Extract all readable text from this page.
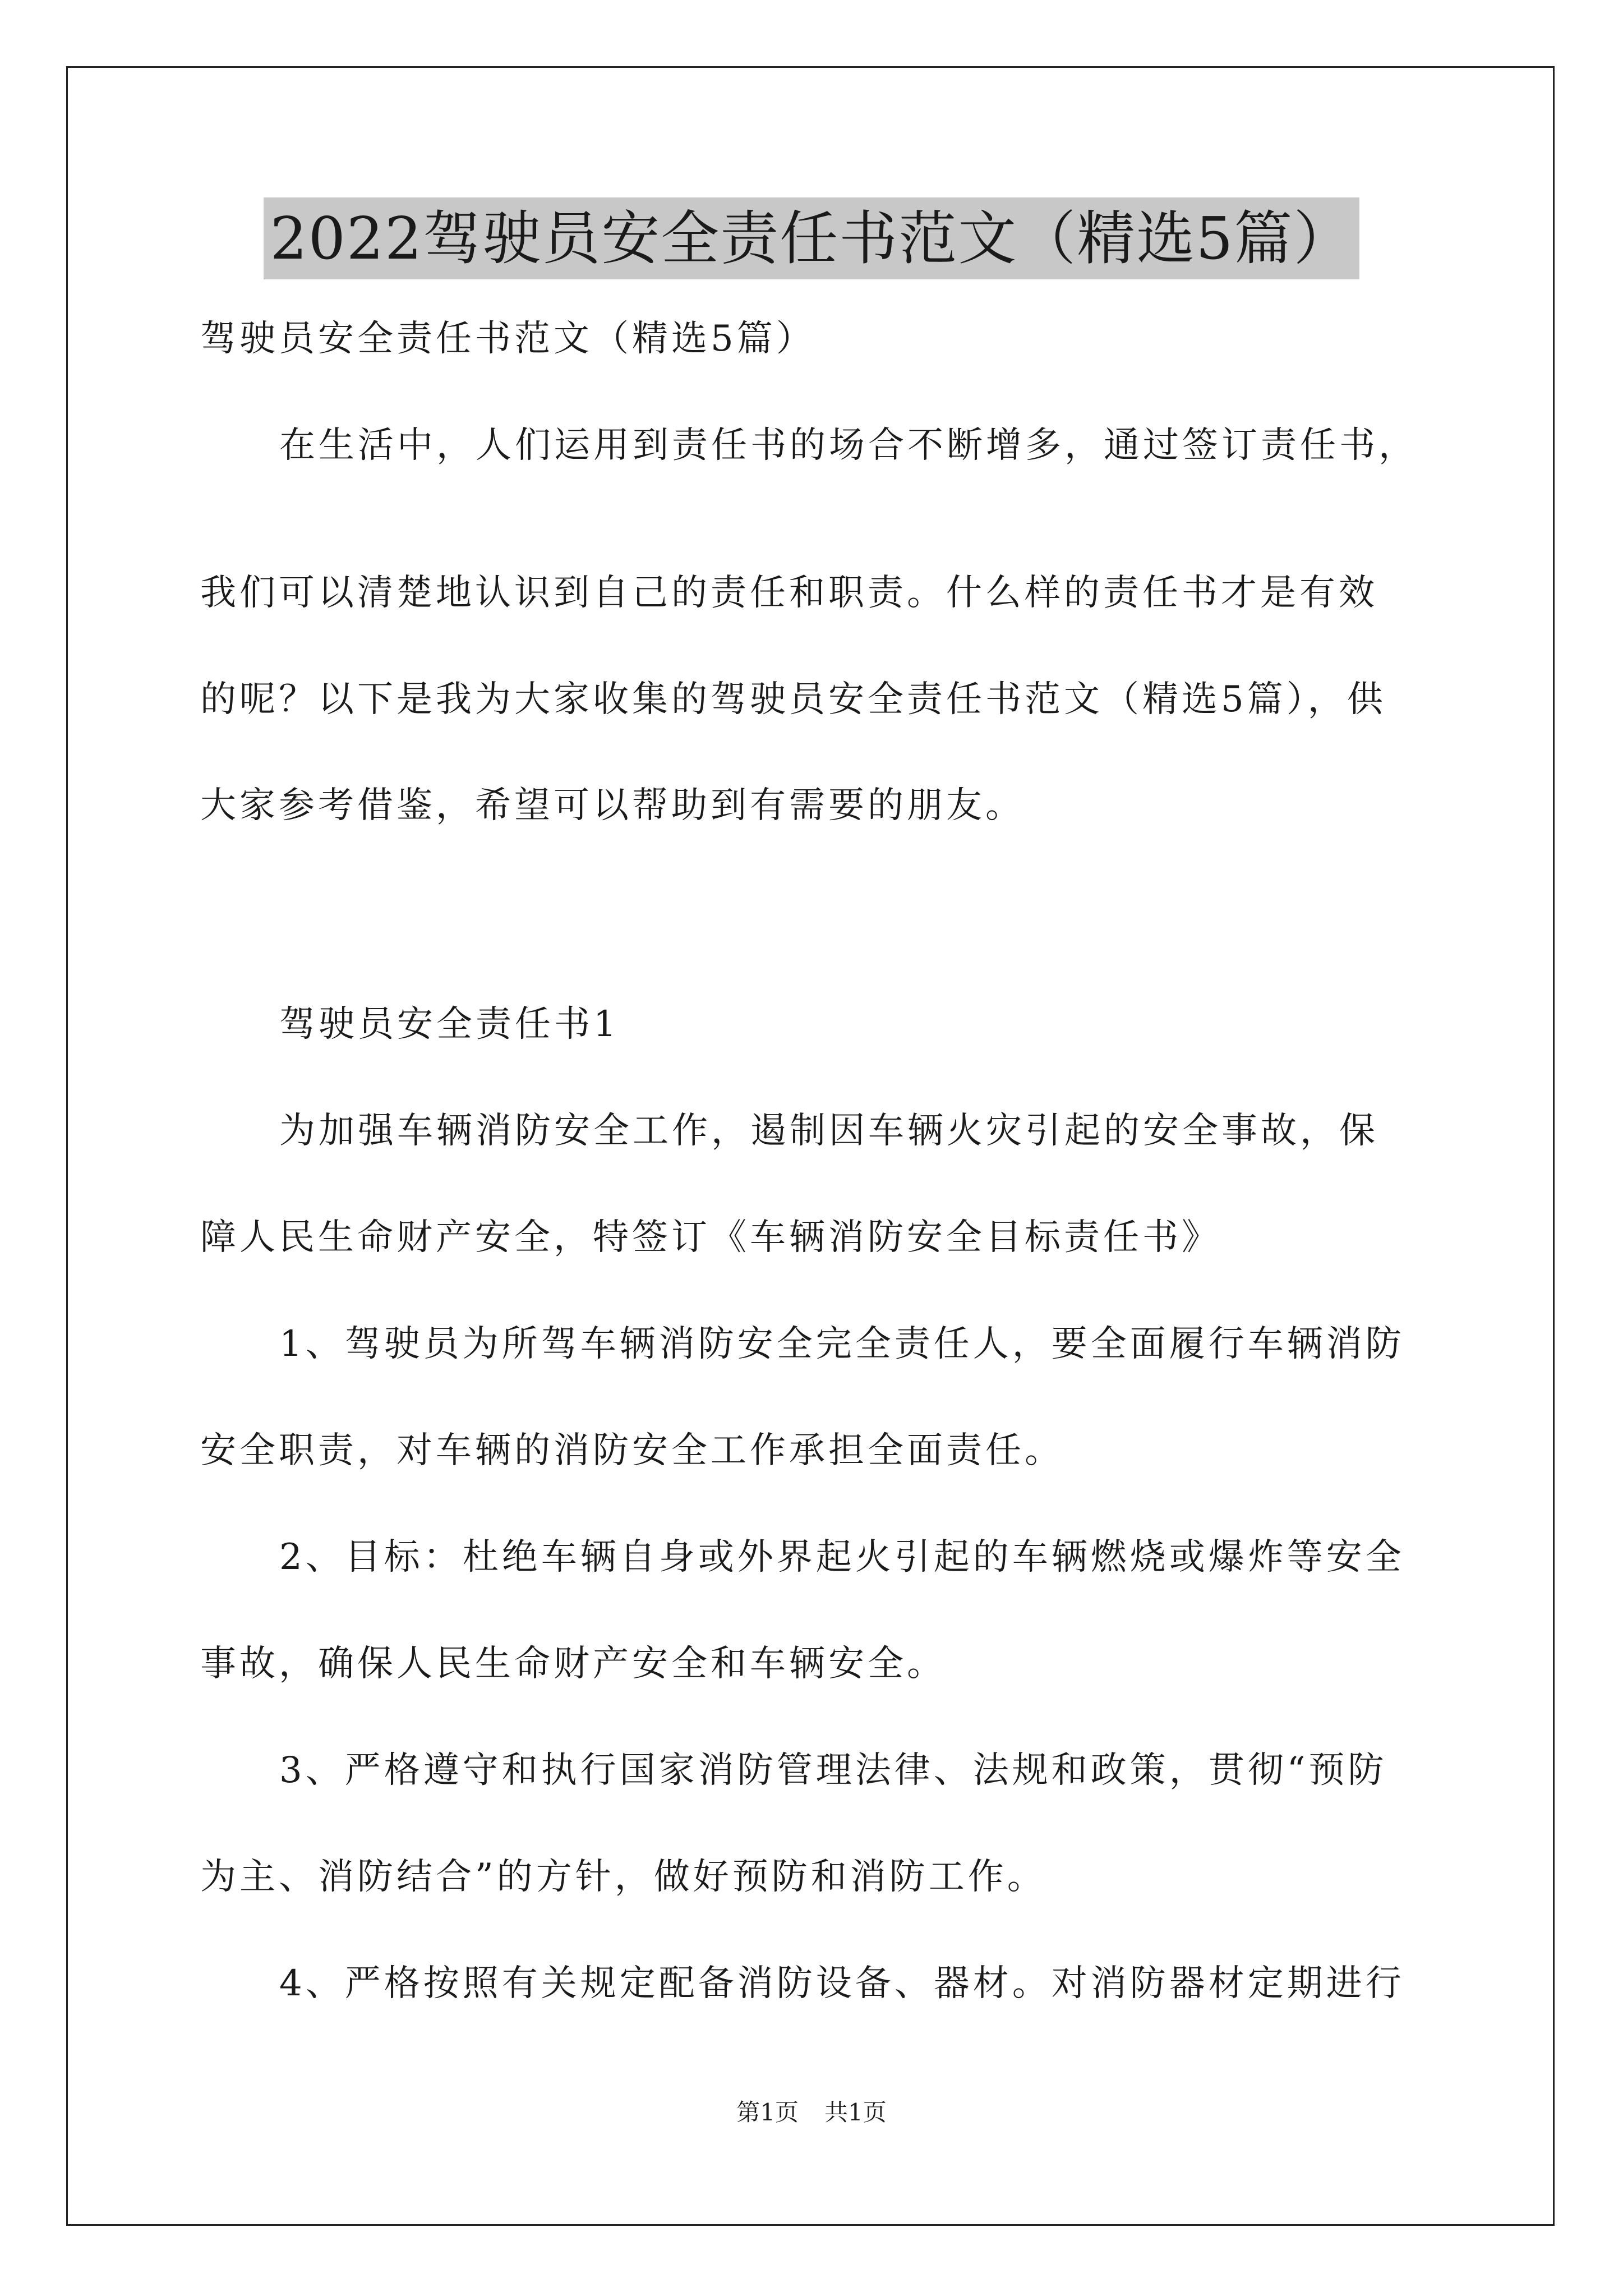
2022驾驶员安全责任书范文（精选5篇）
驾驶员安全责任书范文（精选5篇）
在生活中，人们运用到责任书的场合不断增多，通过签订责任书，
我们可以清楚地认识到自己的责任和职责。什么样的责任书才是有效
的呢？以下是我为大家收集的驾驶员安全责任书范文（精选5篇），供
大家参考借鉴，希望可以帮助到有需要的朋友。
驾驶员安全责任书1
为加强车辆消防安全工作，遏制因车辆火灾引起的安全事故，保
障人民生命财产安全，特签订《车辆消防安全目标责任书》
1、驾驶员为所驾车辆消防安全完全责任人，要全面履行车辆消防
安全职责，对车辆的消防安全工作承担全面责任。
2、目标：杜绝车辆自身或外界起火引起的车辆燃烧或爆炸等安全
事故，确保人民生命财产安全和车辆安全。
3、严格遵守和执行国家消防管理法律、法规和政策，贯彻“预防
为主、消防结合”的方针，做好预防和消防工作。
4、严格按照有关规定配备消防设备、器材。对消防器材定期进行
第1页 共1页
